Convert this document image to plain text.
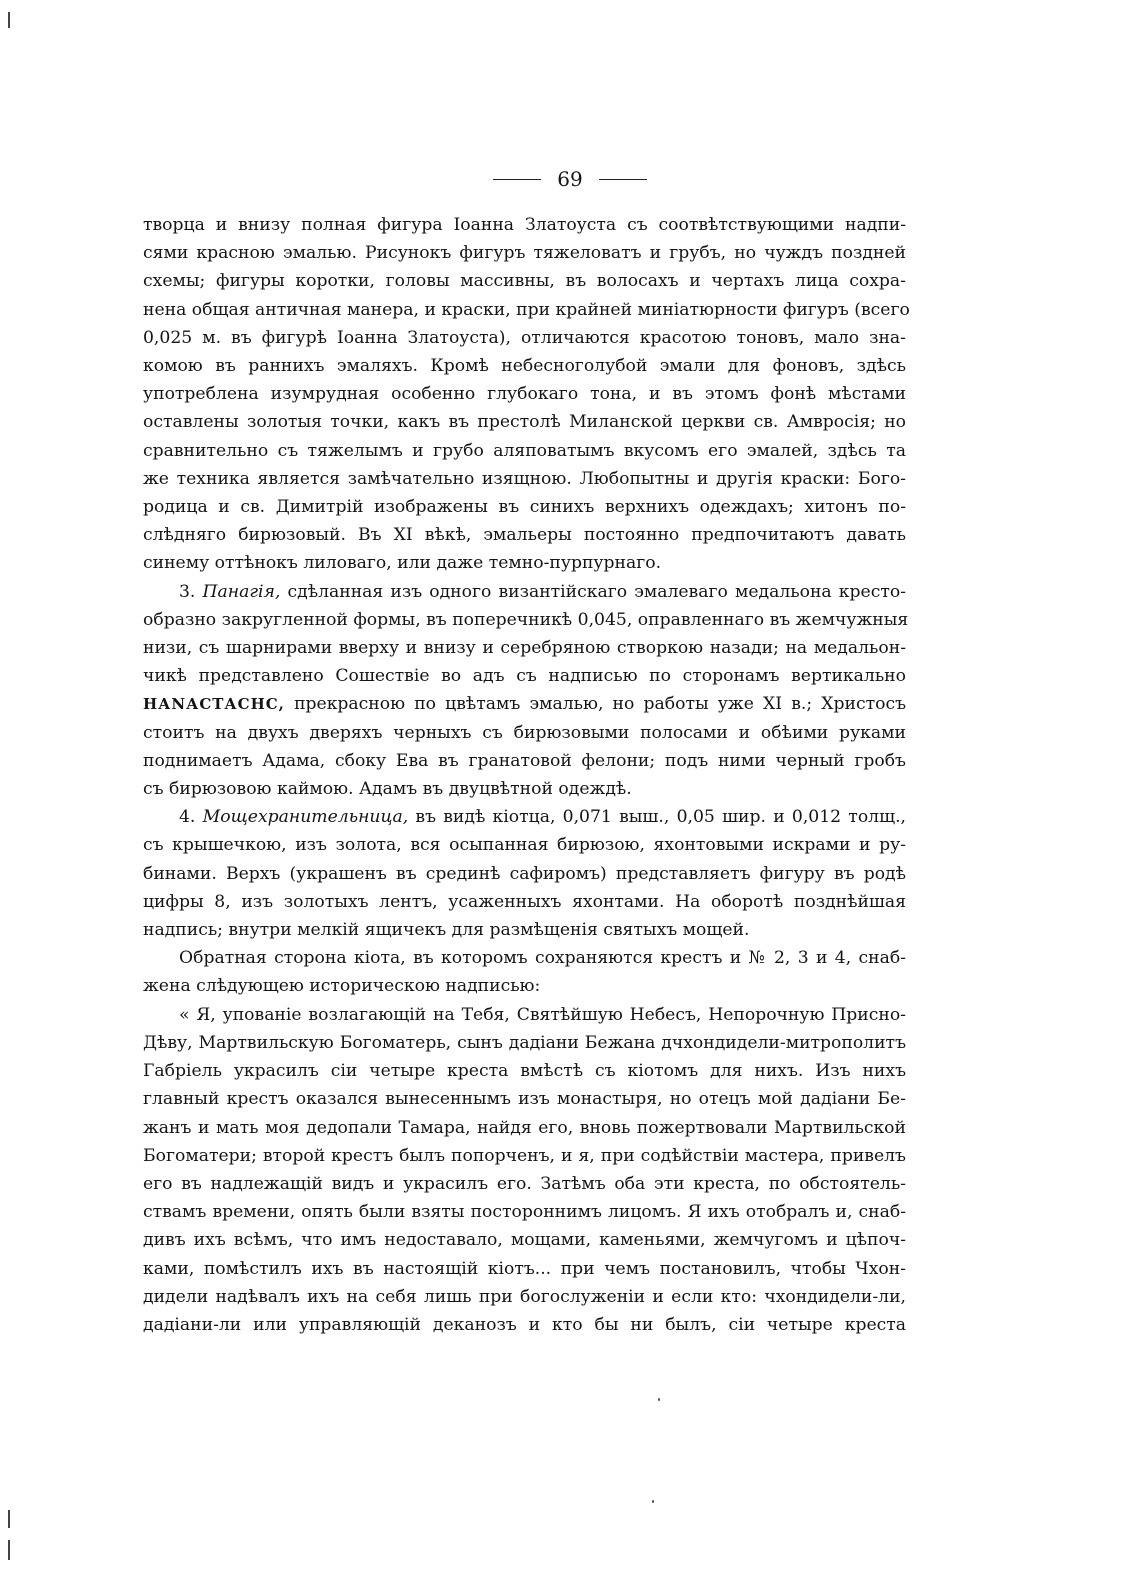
69

творца и внизу полная фигура Іоанна Златоуста съ соотвѣтствующими надпи-
сями красною эмалью. Рисунокъ фигуръ тяжеловатъ и грубъ, но чуждъ поздней
схемы; фигуры коротки, головы массивны, въ волосахъ и чертахъ лица сохра-
нена общая античная манера, и краски, при крайней миніатюрности фигуръ (всего
0,025 м. въ фигурѣ Іоанна Златоуста), отличаются красотою тоновъ, мало зна-
комою въ раннихъ эмаляхъ. Кромѣ небесноголубой эмали для фоновъ, здѣсь
употреблена изумрудная особенно глубокаго тона, и въ этомъ фонѣ мѣстами
оставлены золотыя точки, какъ въ престолѣ Миланской церкви св. Амвросія; но
сравнительно съ тяжелымъ и грубо аляповатымъ вкусомъ его эмалей, здѣсь та
же техника является замѣчательно изящною. Любопытны и другія краски: Бого-
родица и св. Димитрій изображены въ синихъ верхнихъ одеждахъ; хитонъ по-
слѣдняго бирюзовый. Въ XI вѣкѣ, эмальеры постоянно предпочитаютъ давать
синему оттѣнокъ лиловаго, или даже темно-пурпурнаго.

3. Панагія, сдѣланная изъ одного византійскаго эмалеваго медальона кресто-
образно закругленной формы, въ поперечникѣ 0,045, оправленнаго въ жемчужныя
низи, съ шарнирами вверху и внизу и серебряною створкою назади; на медальон-
чикѣ представлено Сошествіе во адъ съ надписью по сторонамъ вертикально
НАNАСТАСНС, прекрасною по цвѣтамъ эмалью, но работы уже XI в.; Христосъ
стоитъ на двухъ дверяхъ черныхъ съ бирюзовыми полосами и обѣими руками
поднимаетъ Адама, сбоку Ева въ гранатовой фелони; подъ ними черный гробъ
съ бирюзовою каймою. Адамъ въ двуцвѣтной одеждѣ.

4. Мощехранительница, въ видѣ кіотца, 0,071 выш., 0,05 шир. и 0,012 толщ.,
съ крышечкою, изъ золота, вся осыпанная бирюзою, яхонтовыми искрами и ру-
бинами. Верхъ (украшенъ въ срединѣ сафиромъ) представляетъ фигуру въ родѣ
цифры 8, изъ золотыхъ лентъ, усаженныхъ яхонтами. На оборотѣ позднѣйшая
надпись; внутри мелкій ящичекъ для размѣщенія святыхъ мощей.

Обратная сторона кіота, въ которомъ сохраняются крестъ и № 2, 3 и 4, снаб-
жена слѣдующею историческою надписью:

« Я, упованіе возлагающій на Тебя, Святѣйшую Небесъ, Непорочную Присно-
Дѣву, Мартвильскую Богоматерь, сынъ дадіани Бежана дчхондидели-митрополитъ
Габріель украсилъ сіи четыре креста вмѣстѣ съ кіотомъ для нихъ. Изъ нихъ
главный крестъ оказался вынесеннымъ изъ монастыря, но отецъ мой дадіани Бе-
жанъ и мать моя дедопали Тамара, найдя его, вновь пожертвовали Мартвильской
Богоматери; второй крестъ былъ попорченъ, и я, при содѣйствіи мастера, привелъ
его въ надлежащій видъ и украсилъ его. Затѣмъ оба эти креста, по обстоятель-
ствамъ времени, опять были взяты постороннимъ лицомъ. Я ихъ отобралъ и, снаб-
дивъ ихъ всѣмъ, что имъ недоставало, мощами, каменьями, жемчугомъ и цѣпоч-
ками, помѣстилъ ихъ въ настоящій кіотъ... при чемъ постановилъ, чтобы Чхон-
дидели надѣвалъ ихъ на себя лишь при богослуженіи и если кто: чхондидели-ли,
дадіани-ли или управляющій деканозъ и кто бы ни былъ, сіи четыре креста
